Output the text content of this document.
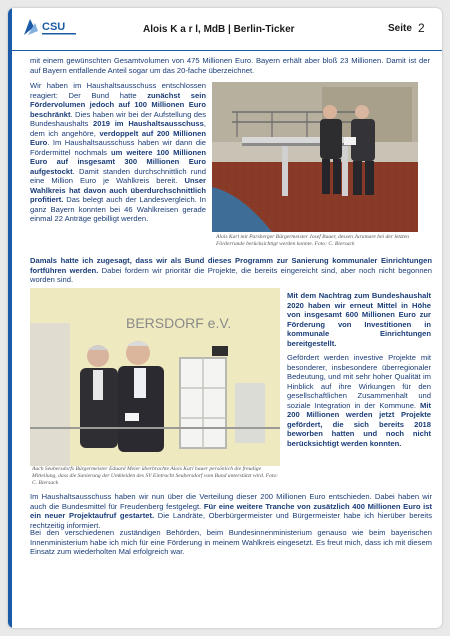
CSU	Alois K a r l, MdB | Berlin-Ticker	Seite 2

mit einem gewünschten Gesamtvolumen von 475 Millionen Euro. Bayern erhält aber bloß 23 Millionen. Damit ist der auf Bayern entfallende Anteil sogar um das 20-fache überzeichnet.

Wir haben im Haushaltsausschuss entschlossen reagiert: Der Bund hatte zunächst sein Fördervolumen jedoch auf 100 Millionen Euro beschränkt. Dies haben wir bei der Aufstellung des Bundeshaushalts 2019 im Haushaltsausschuss, dem ich angehöre, verdoppelt auf 200 Millionen Euro. Im Haushaltsausschuss haben wir dann die Fördermittel nochmals um weitere 100 Millionen Euro auf insgesamt 300 Millionen Euro aufgestockt. Damit standen durchschnittlich rund eine Million Euro je Wahlkreis bereit. Unser Wahlkreis hat davon auch überdurchschnittlich profitiert. Das belegt auch der Landesvergleich. In ganz Bayern konnten bei 46 Wahlkreisen gerade einmal 22 Anträge gebilligt werden.

Alois Karl mit Parsberger Bürgermeister Josef Bauer, dessen Juramare bei der letzten Förderrunde berücksichtigt werden konnte. Foto: C. Biersack

Damals hatte ich zugesagt, dass wir als Bund dieses Programm zur Sanierung kommunaler Einrichtungen fortführen werden. Dabei fordern wir prioritär die Projekte, die bereits eingereicht sind, aber noch nicht begonnen worden sind.

BERSDORF e.V.

Auch Seubersdorfs Bürgermeister Eduard Meier überbrachte Alois Karl bauer persönlich die freudige Mitteilung, dass die Sanierung der Umkleiden des SV Eintracht Seubersdorf vom Bund unterstützt wird. Foto: C. Biersack

Mit dem Nachtrag zum Bundeshaushalt 2020 haben wir erneut Mittel in Höhe von insgesamt 600 Millionen Euro zur Förderung von Investitionen in kommunale Einrichtungen bereitgestellt.

Gefördert werden investive Projekte mit besonderer, insbesondere überregionaler Bedeutung, und mit sehr hoher Qualität im Hinblick auf ihre Wirkungen für den gesellschaftlichen Zusammenhalt und soziale Integration in der Kommune. Mit 200 Millionen werden jetzt Projekte gefördert, die sich bereits 2018 beworben hatten und noch nicht berücksichtigt werden konnten.

Im Haushaltsausschuss haben wir nun über die Verteilung dieser 200 Millionen Euro entschieden. Dabei haben wir auch die Bundesmittel für Freudenberg festgelegt. Für eine weitere Tranche von zusätzlich 400 Millionen Euro ist ein neuer Projektaufruf gestartet. Die Landräte, Oberbürgermeister und Bürgermeister habe ich hierüber bereits rechtzeitig informiert.

Bei den verschiedenen zuständigen Behörden, beim Bundesinnenministerium genauso wie beim bayerischen Innenministerium habe ich mich für eine Förderung in meinem Wahlkreis eingesetzt. Es freut mich, dass ich mit diesem Einsatz zum wiederholten Mal erfolgreich war.
